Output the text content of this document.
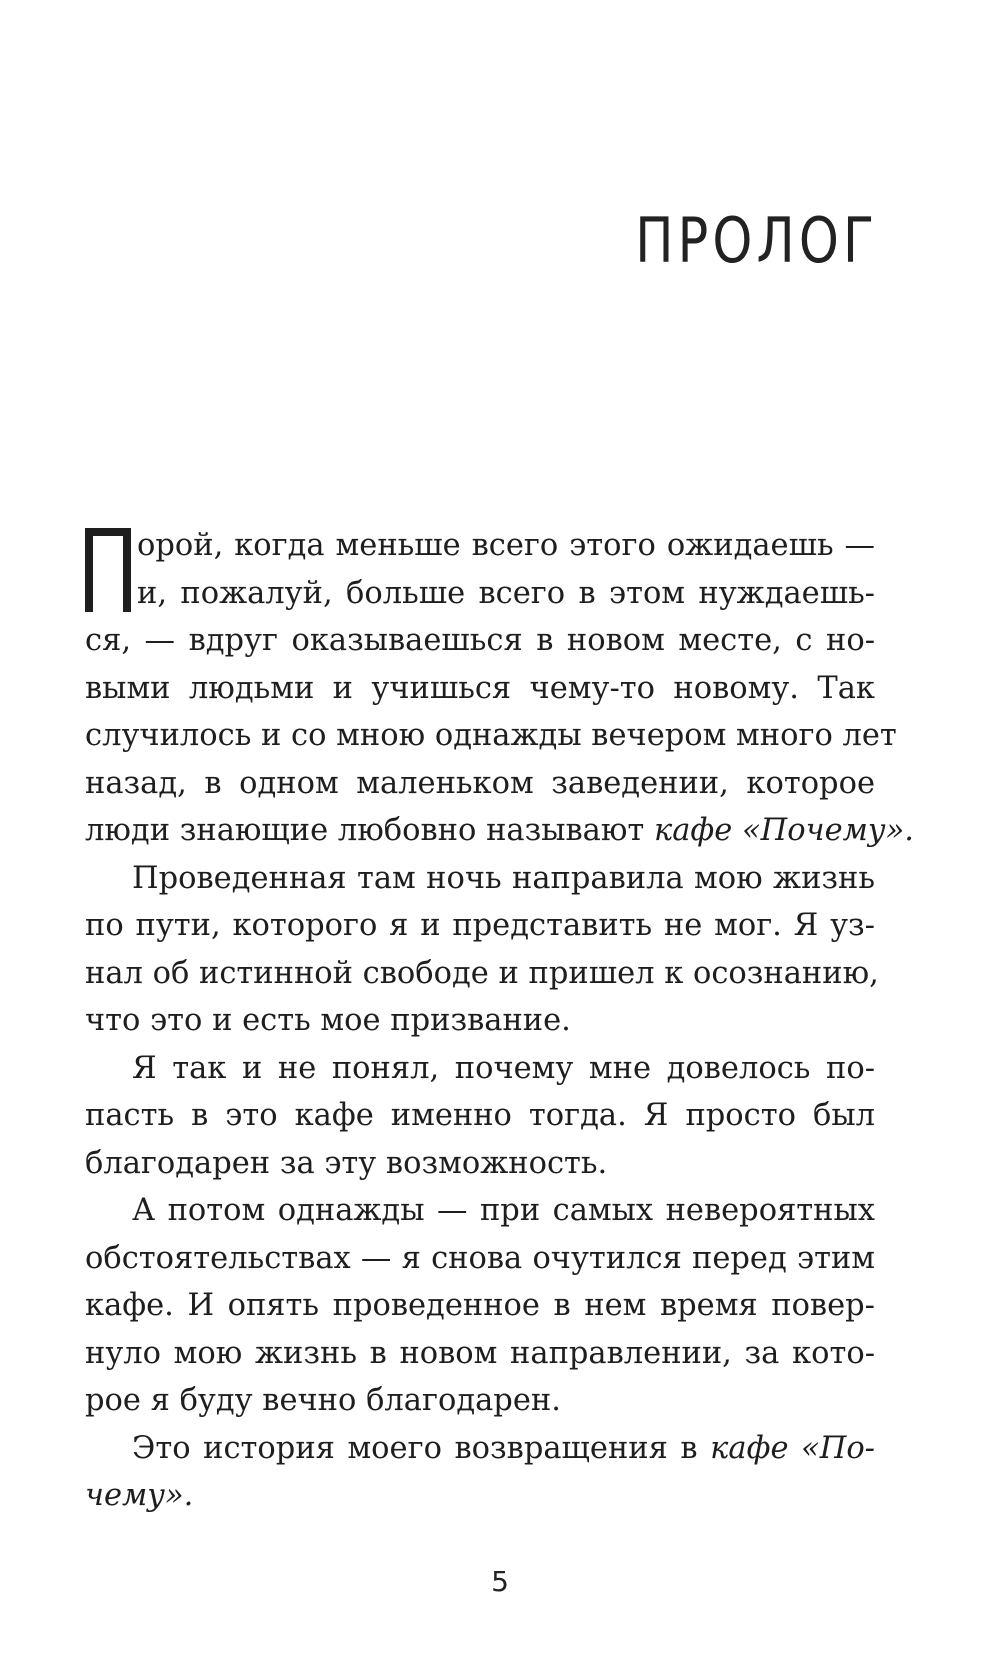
ПРОЛОГ
орой, когда меньше всего этого ожидаешь —
и, пожалуй, больше всего в этом нуждаешь-
ся, — вдруг оказываешься в новом месте, с но-
выми людьми и учишься чему-то новому. Так
случилось и со мною однажды вечером много лет
назад, в одном маленьком заведении, которое
люди знающие любовно называют кафе «Почему».
Проведенная там ночь направила мою жизнь
по пути, которого я и представить не мог. Я уз-
нал об истинной свободе и пришел к осознанию,
что это и есть мое призвание.
Я так и не понял, почему мне довелось по-
пасть в это кафе именно тогда. Я просто был
благодарен за эту возможность.
А потом однажды — при самых невероятных
обстоятельствах — я снова очутился перед этим
кафе. И опять проведенное в нем время повер-
нуло мою жизнь в новом направлении, за кото-
рое я буду вечно благодарен.
Это история моего возвращения в кафе «По-
чему».
5
